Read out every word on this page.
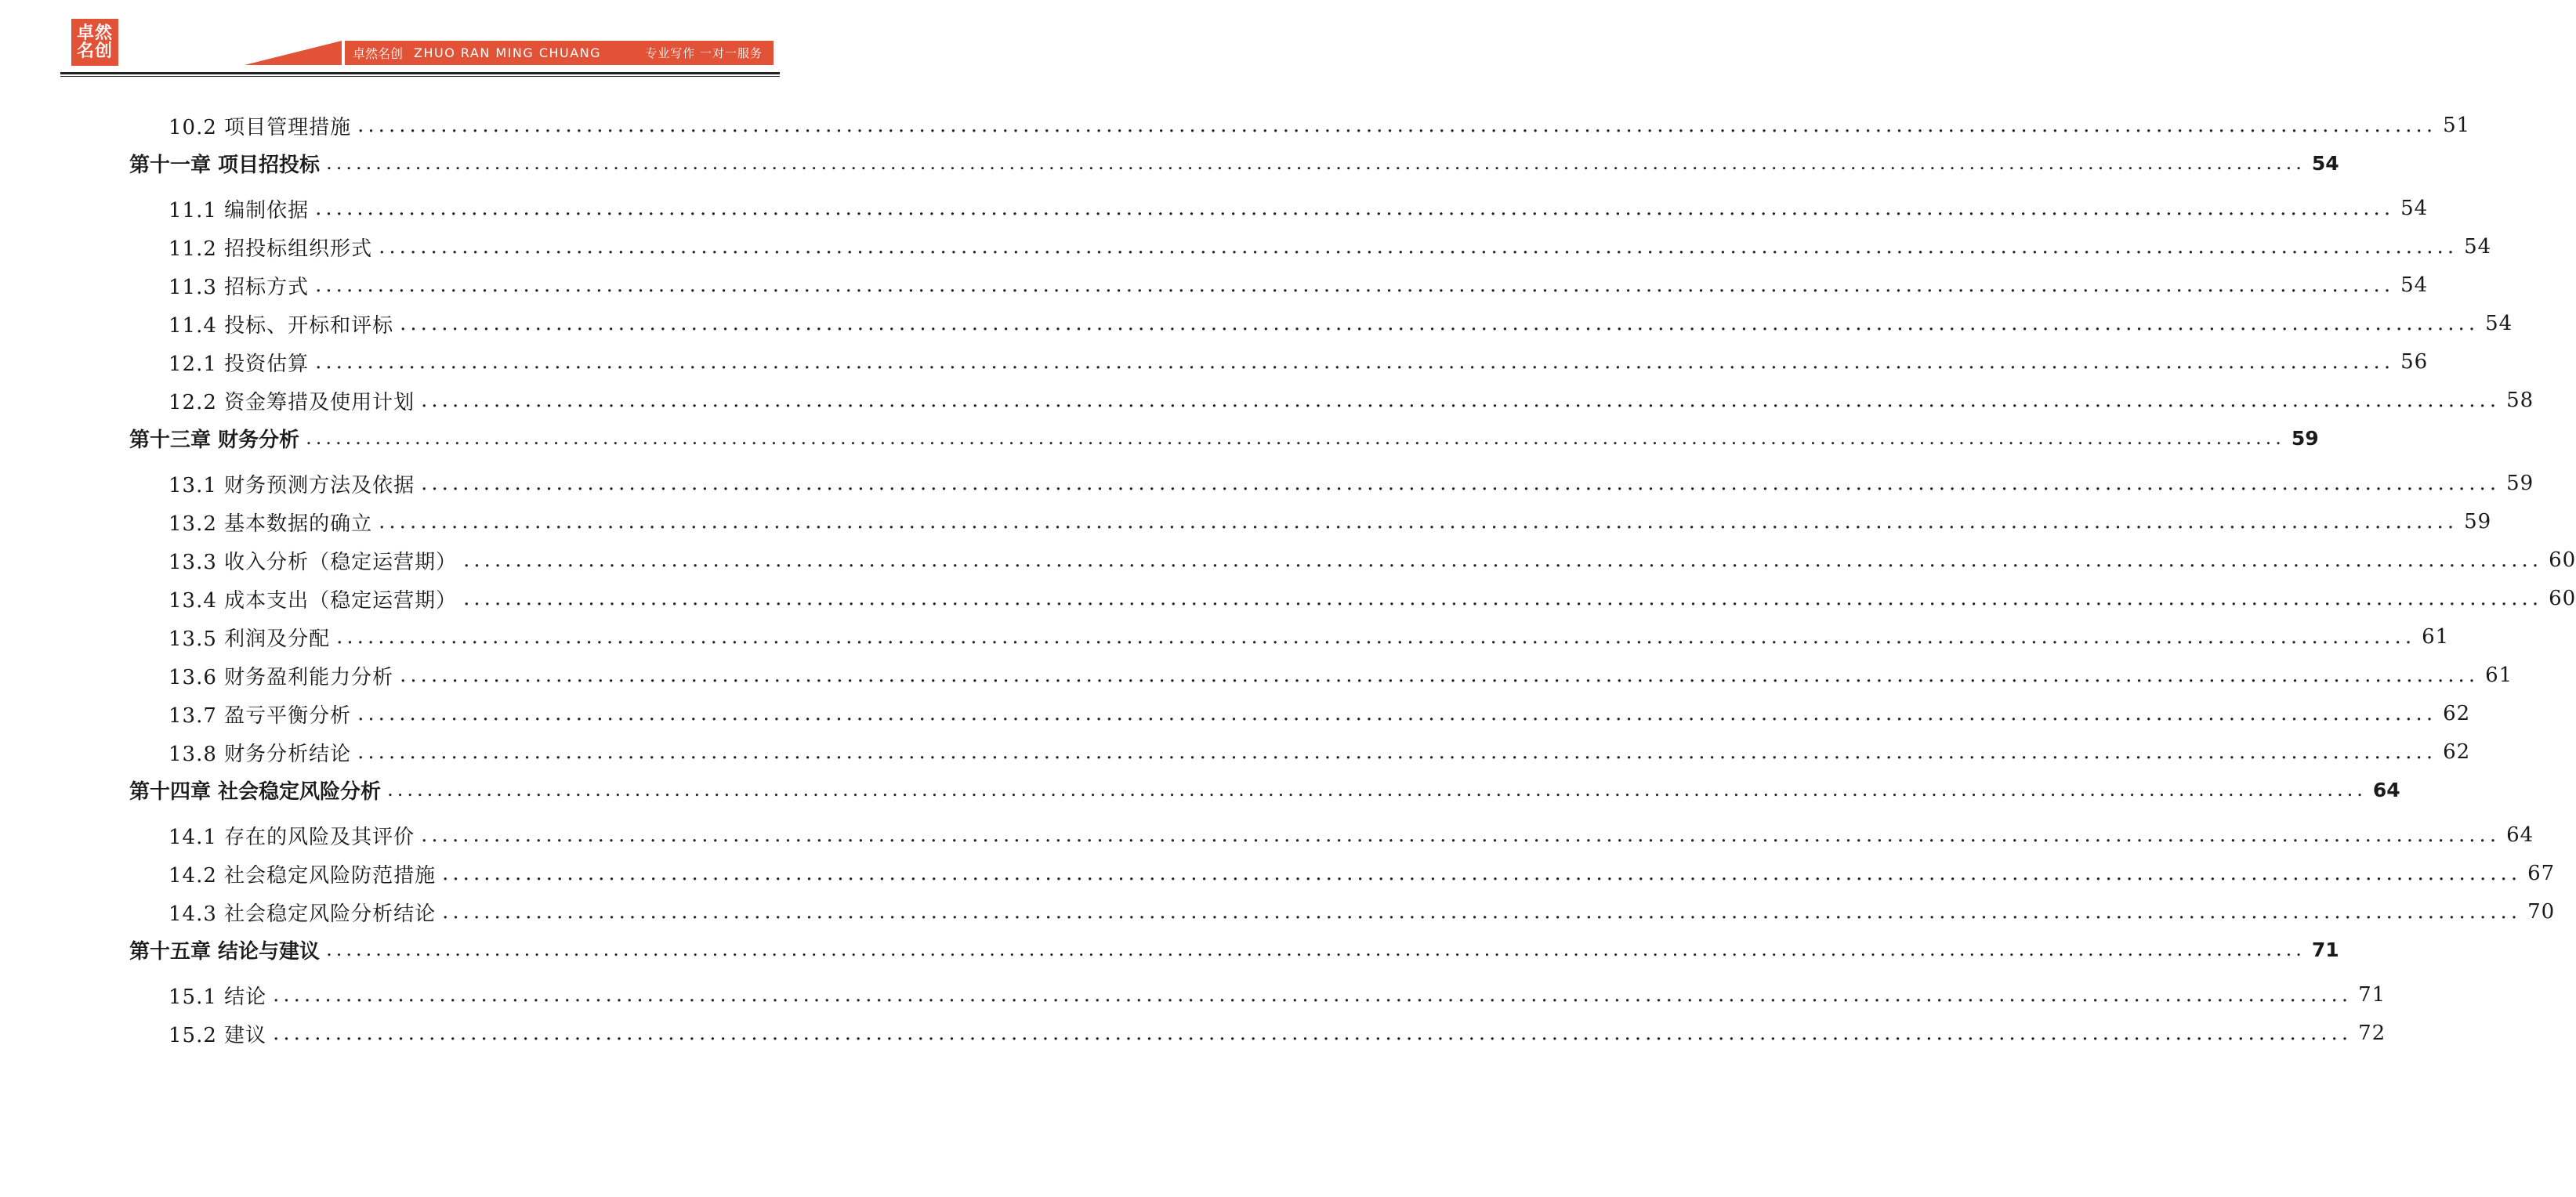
卓然
名创	卓然名创 ZHUO RAN MING CHUANG	专业写作 一对一服务
10.2 项目管理措施 ........................................................................................................................................................................................................ 51
第十一章 项目招投标 ........................................................................................................................................................................................................ 54
11.1 编制依据 ........................................................................................................................................................................................................ 54
11.2 招投标组织形式 ........................................................................................................................................................................................................ 54
11.3 招标方式 ........................................................................................................................................................................................................ 54
11.4 投标、开标和评标 ........................................................................................................................................................................................................ 54
12.1 投资估算 ........................................................................................................................................................................................................ 56
12.2 资金筹措及使用计划 ........................................................................................................................................................................................................ 58
第十三章 财务分析 ........................................................................................................................................................................................................ 59
13.1 财务预测方法及依据 ........................................................................................................................................................................................................ 59
13.2 基本数据的确立 ........................................................................................................................................................................................................ 59
13.3 收入分析（稳定运营期） ........................................................................................................................................................................................................ 60
13.4 成本支出（稳定运营期） ........................................................................................................................................................................................................ 60
13.5 利润及分配 ........................................................................................................................................................................................................ 61
13.6 财务盈利能力分析 ........................................................................................................................................................................................................ 61
13.7 盈亏平衡分析 ........................................................................................................................................................................................................ 62
13.8 财务分析结论 ........................................................................................................................................................................................................ 62
第十四章 社会稳定风险分析 ........................................................................................................................................................................................................ 64
14.1 存在的风险及其评价 ........................................................................................................................................................................................................ 64
14.2 社会稳定风险防范措施 ........................................................................................................................................................................................................ 67
14.3 社会稳定风险分析结论 ........................................................................................................................................................................................................ 70
第十五章 结论与建议 ........................................................................................................................................................................................................ 71
15.1 结论 ........................................................................................................................................................................................................ 71
15.2 建议 ........................................................................................................................................................................................................ 72
